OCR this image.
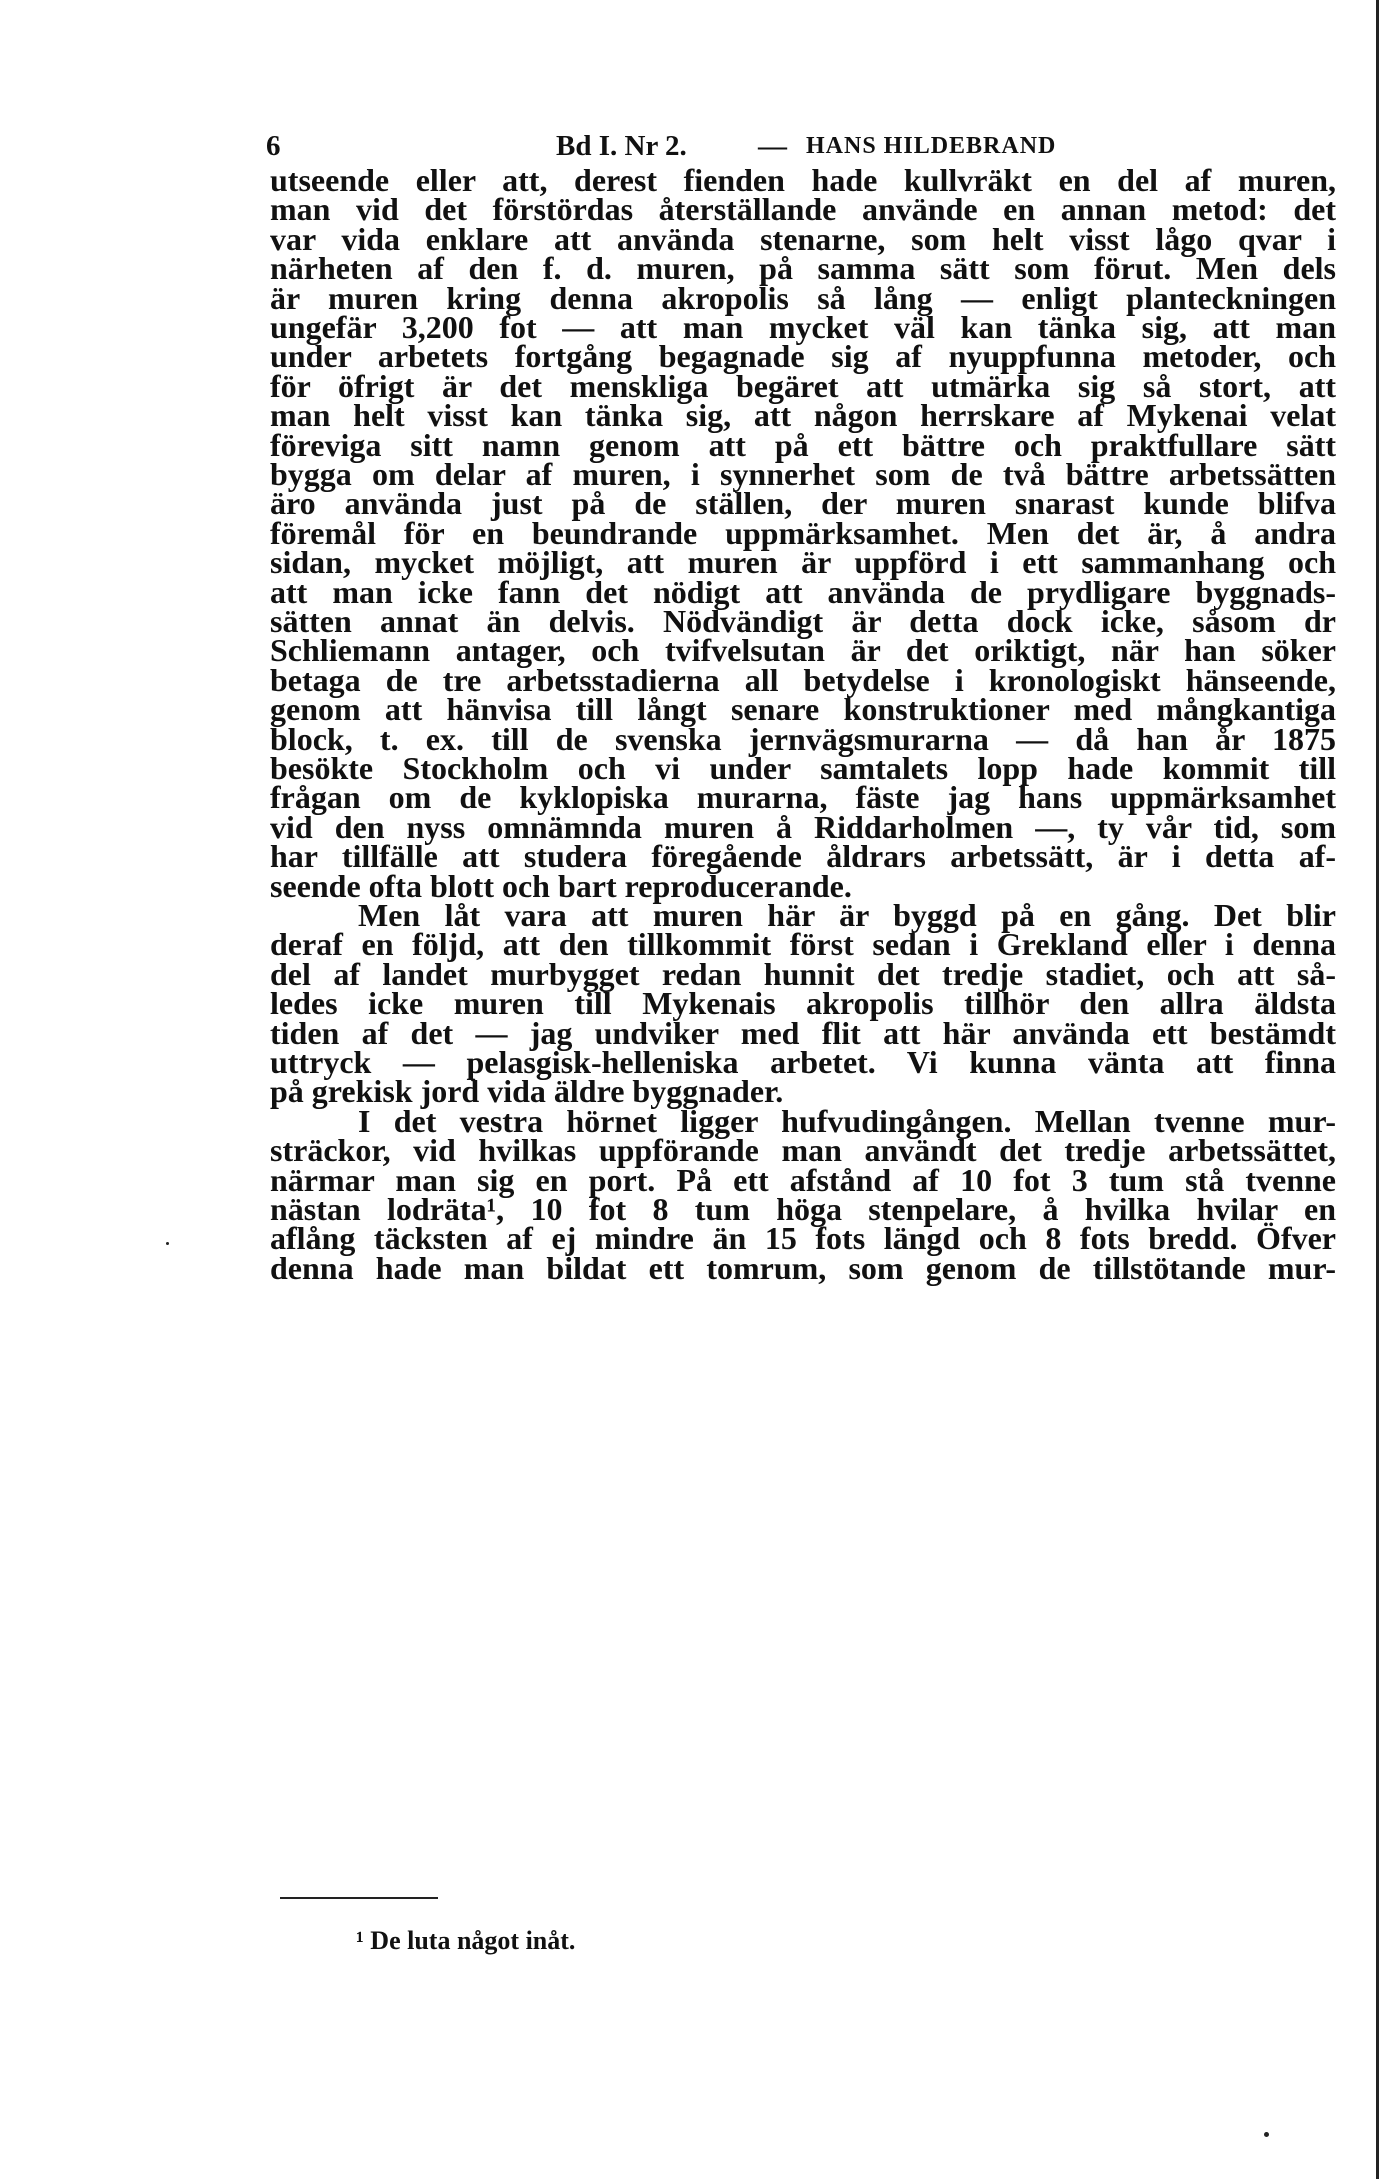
6	Bd I. Nr 2. — HANS HILDEBRAND
utseende eller att, derest fienden hade kullvräkt en del af muren,
man vid det förstördas återställande använde en annan metod: det
var vida enklare att använda stenarne, som helt visst lågo qvar i
närheten af den f. d. muren, på samma sätt som förut. Men dels
är muren kring denna akropolis så lång — enligt planteckningen
ungefär 3,200 fot — att man mycket väl kan tänka sig, att man
under arbetets fortgång begagnade sig af nyuppfunna metoder, och
för öfrigt är det menskliga begäret att utmärka sig så stort, att
man helt visst kan tänka sig, att någon herrskare af Mykenai velat
föreviga sitt namn genom att på ett bättre och praktfullare sätt
bygga om delar af muren, i synnerhet som de två bättre arbetssätten
äro använda just på de ställen, der muren snarast kunde blifva
föremål för en beundrande uppmärksamhet. Men det är, å andra
sidan, mycket möjligt, att muren är uppförd i ett sammanhang och
att man icke fann det nödigt att använda de prydligare byggnads-
sätten annat än delvis. Nödvändigt är detta dock icke, såsom dr
Schliemann antager, och tvifvelsutan är det oriktigt, när han söker
betaga de tre arbetsstadierna all betydelse i kronologiskt hänseende,
genom att hänvisa till långt senare konstruktioner med mångkantiga
block, t. ex. till de svenska jernvägsmurarna — då han år 1875
besökte Stockholm och vi under samtalets lopp hade kommit till
frågan om de kyklopiska murarna, fäste jag hans uppmärksamhet
vid den nyss omnämnda muren å Riddarholmen —, ty vår tid, som
har tillfälle att studera föregående åldrars arbetssätt, är i detta af-
seende ofta blott och bart reproducerande.
Men låt vara att muren här är byggd på en gång. Det blir
deraf en följd, att den tillkommit först sedan i Grekland eller i denna
del af landet murbygget redan hunnit det tredje stadiet, och att så-
ledes icke muren till Mykenais akropolis tillhör den allra äldsta
tiden af det — jag undviker med flit att här använda ett bestämdt
uttryck — pelasgisk-helleniska arbetet. Vi kunna vänta att finna
på grekisk jord vida äldre byggnader.
I det vestra hörnet ligger hufvudingången. Mellan tvenne mur-
sträckor, vid hvilkas uppförande man användt det tredje arbetssättet,
närmar man sig en port. På ett afstånd af 10 fot 3 tum stå tvenne
nästan lodräta¹, 10 fot 8 tum höga stenpelare, å hvilka hvilar en
aflång täcksten af ej mindre än 15 fots längd och 8 fots bredd. Öfver
denna hade man bildat ett tomrum, som genom de tillstötande mur-
¹ De luta något inåt.
